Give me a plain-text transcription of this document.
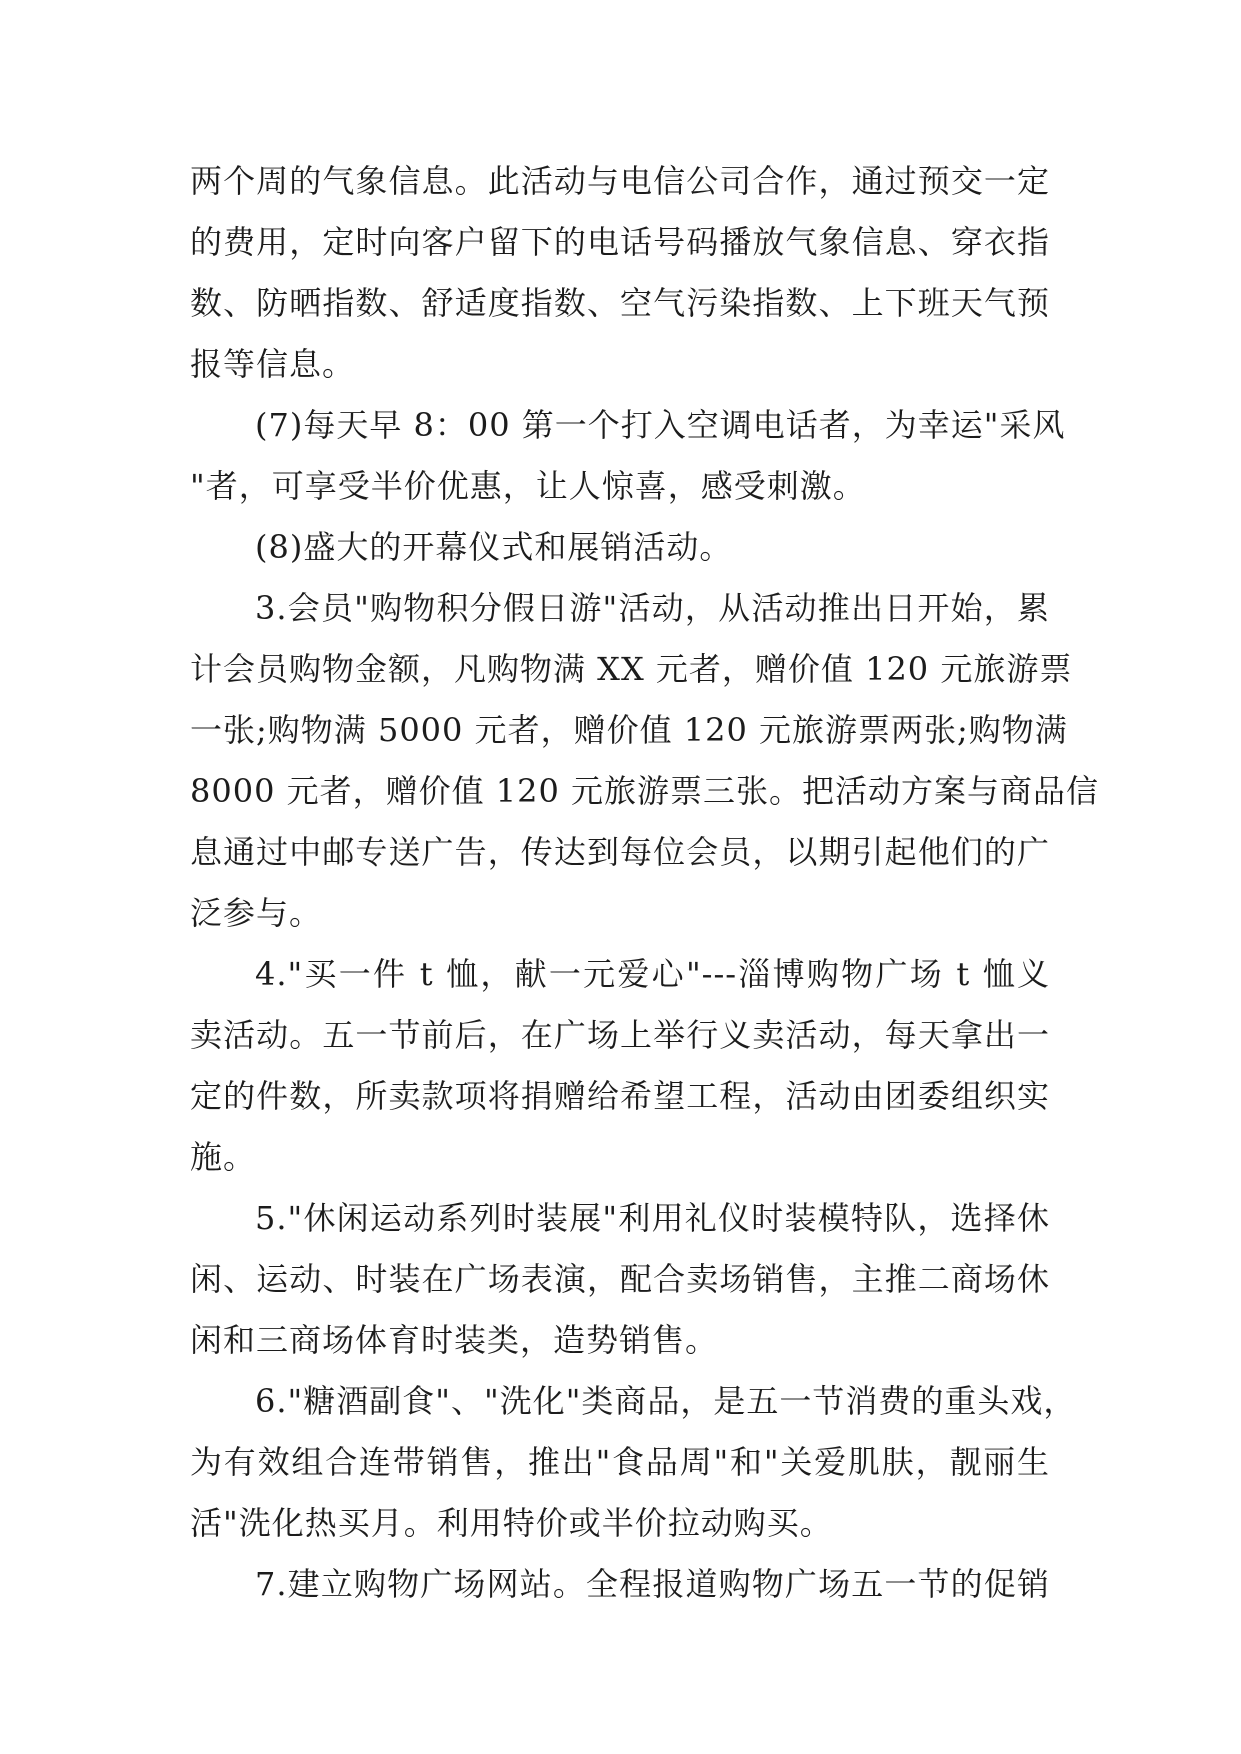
两个周的气象信息。此活动与电信公司合作，通过预交一定
的费用，定时向客户留下的电话号码播放气象信息、穿衣指
数、防晒指数、舒适度指数、空气污染指数、上下班天气预
报等信息。
(7)每天早 8：00 第一个打入空调电话者，为幸运"采风
"者，可享受半价优惠，让人惊喜，感受刺激。
(8)盛大的开幕仪式和展销活动。
3.会员"购物积分假日游"活动，从活动推出日开始，累
计会员购物金额，凡购物满 XX 元者，赠价值 120 元旅游票
一张;购物满 5000 元者，赠价值 120 元旅游票两张;购物满
8000 元者，赠价值 120 元旅游票三张。把活动方案与商品信
息通过中邮专送广告，传达到每位会员，以期引起他们的广
泛参与。
4."买一件 t 恤，献一元爱心"---淄博购物广场 t 恤义
卖活动。五一节前后，在广场上举行义卖活动，每天拿出一
定的件数，所卖款项将捐赠给希望工程，活动由团委组织实
施。
5."休闲运动系列时装展"利用礼仪时装模特队，选择休
闲、运动、时装在广场表演，配合卖场销售，主推二商场休
闲和三商场体育时装类，造势销售。
6."糖酒副食"、"洗化"类商品，是五一节消费的重头戏，
为有效组合连带销售，推出"食品周"和"关爱肌肤，靓丽生
活"洗化热买月。利用特价或半价拉动购买。
7.建立购物广场网站。全程报道购物广场五一节的促销
